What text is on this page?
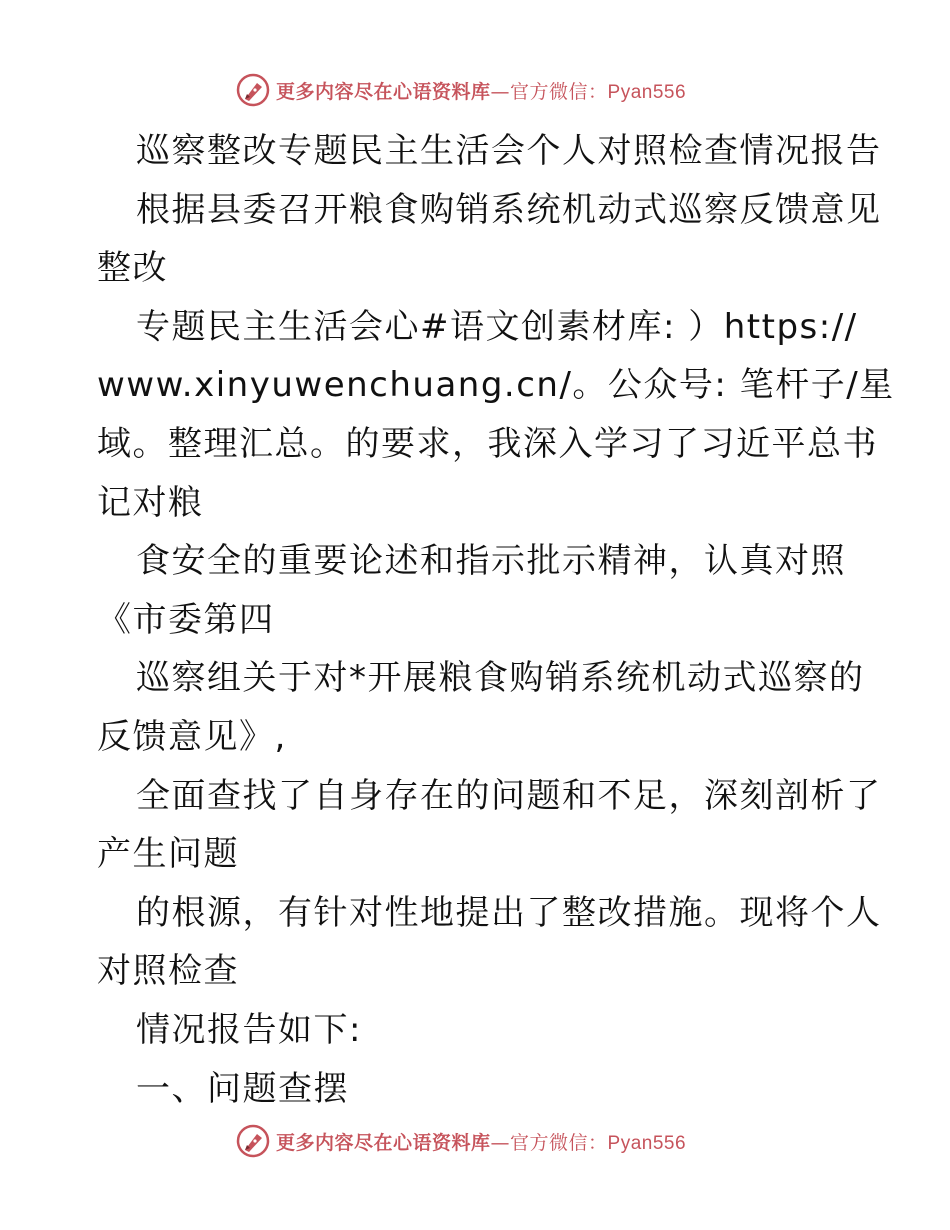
更多内容尽在心语资料库—官方微信：Pyan556
巡察整改专题民主生活会个人对照检查情况报告
根据县委召开粮食购销系统机动式巡察反馈意见
整改
专题民主生活会心#语文创素材库: ）https://
www.xinyuwenchuang.cn/。公众号: 笔杆子/星
域。整理汇总。的要求，我深入学习了习近平总书
记对粮
食安全的重要论述和指示批示精神，认真对照
《市委第四
巡察组关于对*开展粮食购销系统机动式巡察的
反馈意见》,
全面查找了自身存在的问题和不足，深刻剖析了
产生问题
的根源，有针对性地提出了整改措施。现将个人
对照检查
情况报告如下:
一、问题查摆
更多内容尽在心语资料库—官方微信：Pyan556
